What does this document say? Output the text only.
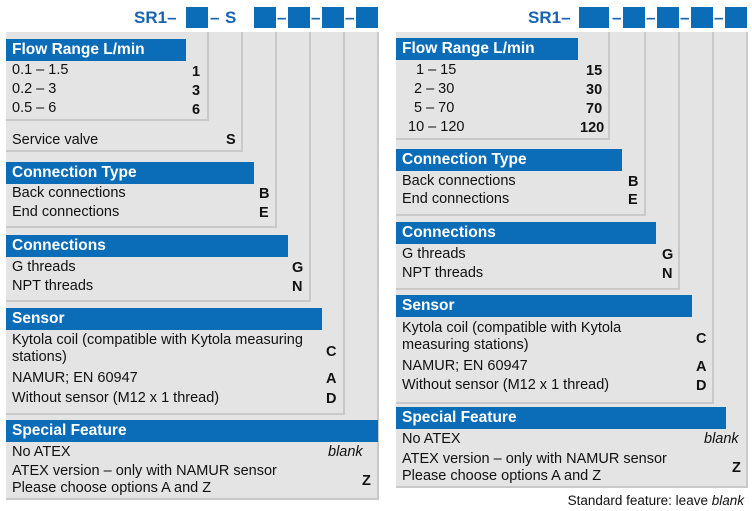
SR1– – S – – –
Flow Range L/min
0.1 – 1.5	1
0.2 – 3	3
0.5 – 6	6
Service valve	S
Connection Type
Back connections	B
End connections	E
Connections
G threads	G
NPT threads	N
Sensor
Kytola coil (compatible with Kytola measuring stations)	C
NAMUR; EN 60947	A
Without sensor (M12 x 1 thread)	D
Special Feature
No ATEX	blank
ATEX version – only with NAMUR sensor
Please choose options A and Z	Z
SR1– – – – –
Flow Range L/min
1 – 15	15
2 – 30	30
5 – 70	70
10 – 120	120
Connection Type
Back connections	B
End connections	E
Connections
G threads	G
NPT threads	N
Sensor
Kytola coil (compatible with Kytola measuring stations)	C
NAMUR; EN 60947	A
Without sensor (M12 x 1 thread)	D
Special Feature
No ATEX	blank
ATEX version – only with NAMUR sensor
Please choose options A and Z	Z
Standard feature: leave blank
